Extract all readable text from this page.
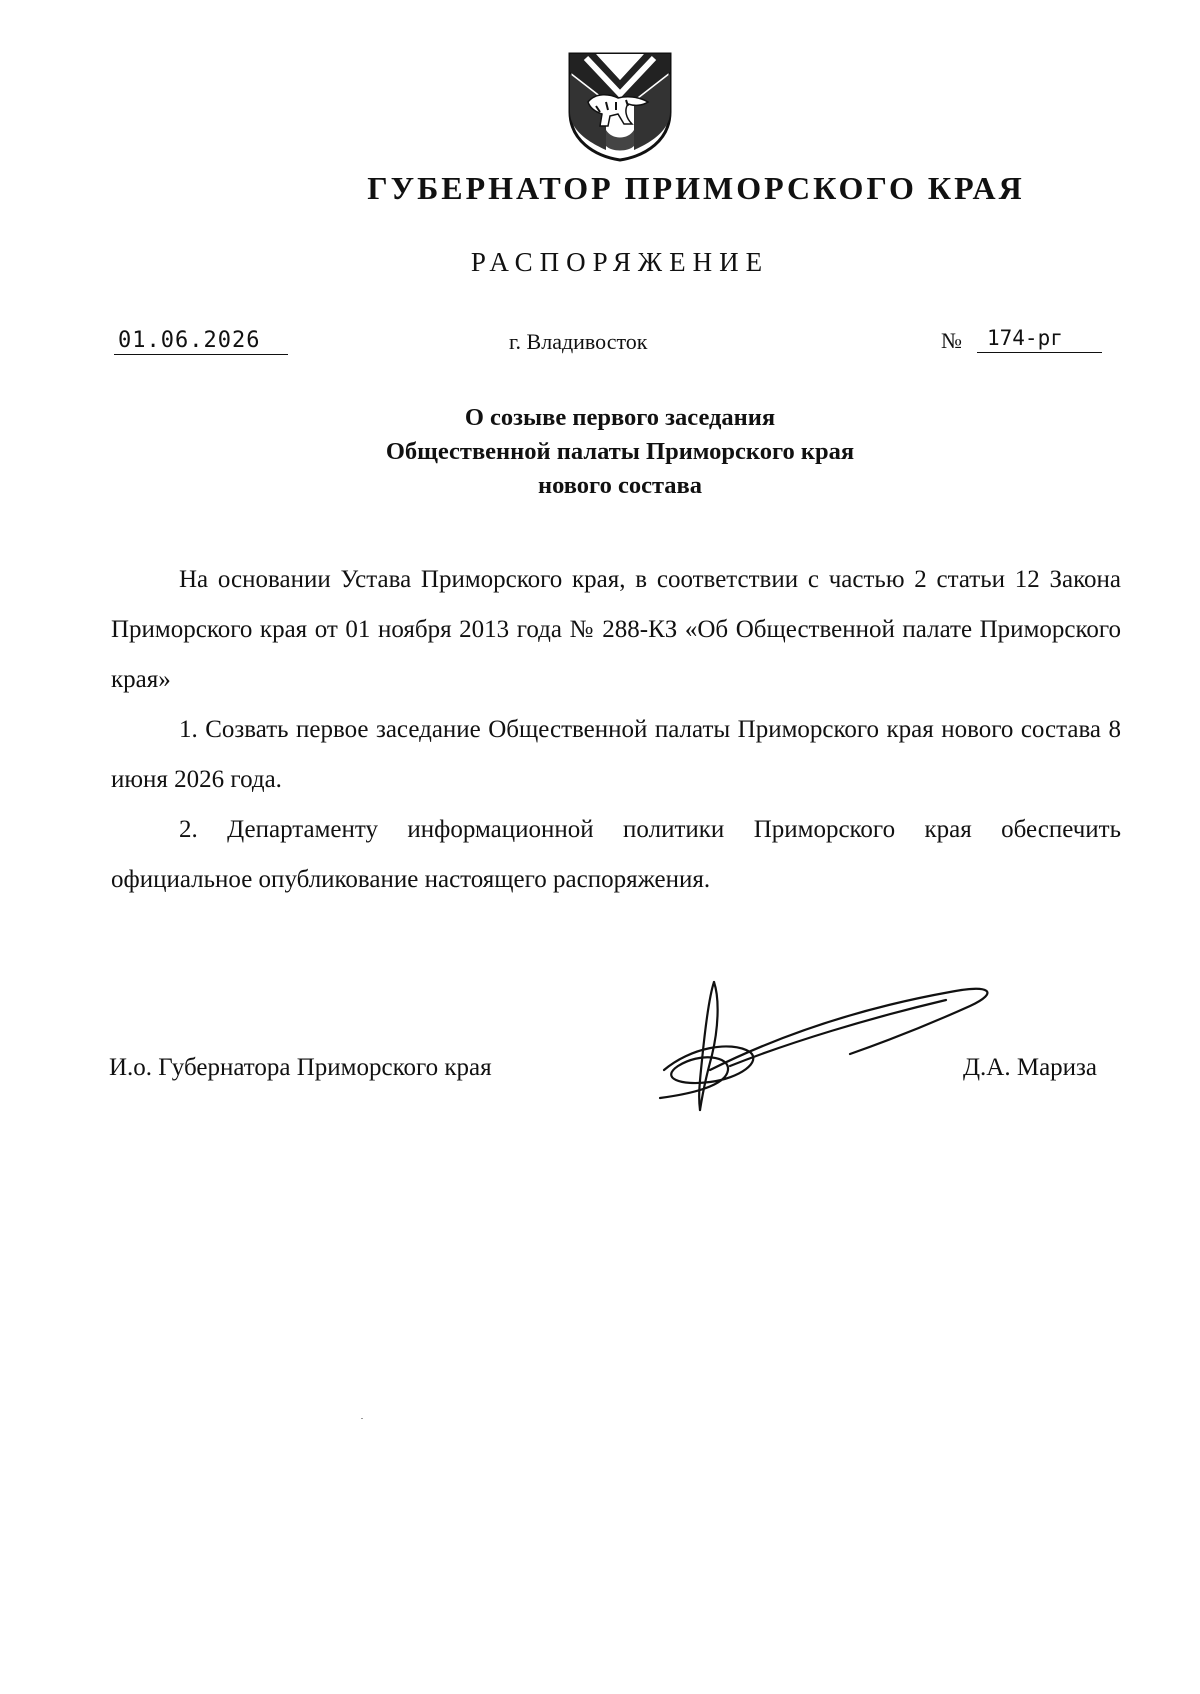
ГУБЕРНАТОР ПРИМОРСКОГО КРАЯ
РАСПОРЯЖЕНИЕ
01.06.2026	г. Владивосток	№	174-рг
О созыве первого заседания
Общественной палаты Приморского края
нового состава

На основании Устава Приморского края, в соответствии с частью 2 статьи 12 Закона Приморского края от 01 ноября 2013 года № 288-КЗ «Об Общественной палате Приморского края»

1. Созвать первое заседание Общественной палаты Приморского края нового состава 8 июня 2026 года.

2. Департаменту информационной политики Приморского края обеспечить официальное опубликование настоящего распоряжения.

И.о. Губернатора Приморского края	Д.А. Мариза
